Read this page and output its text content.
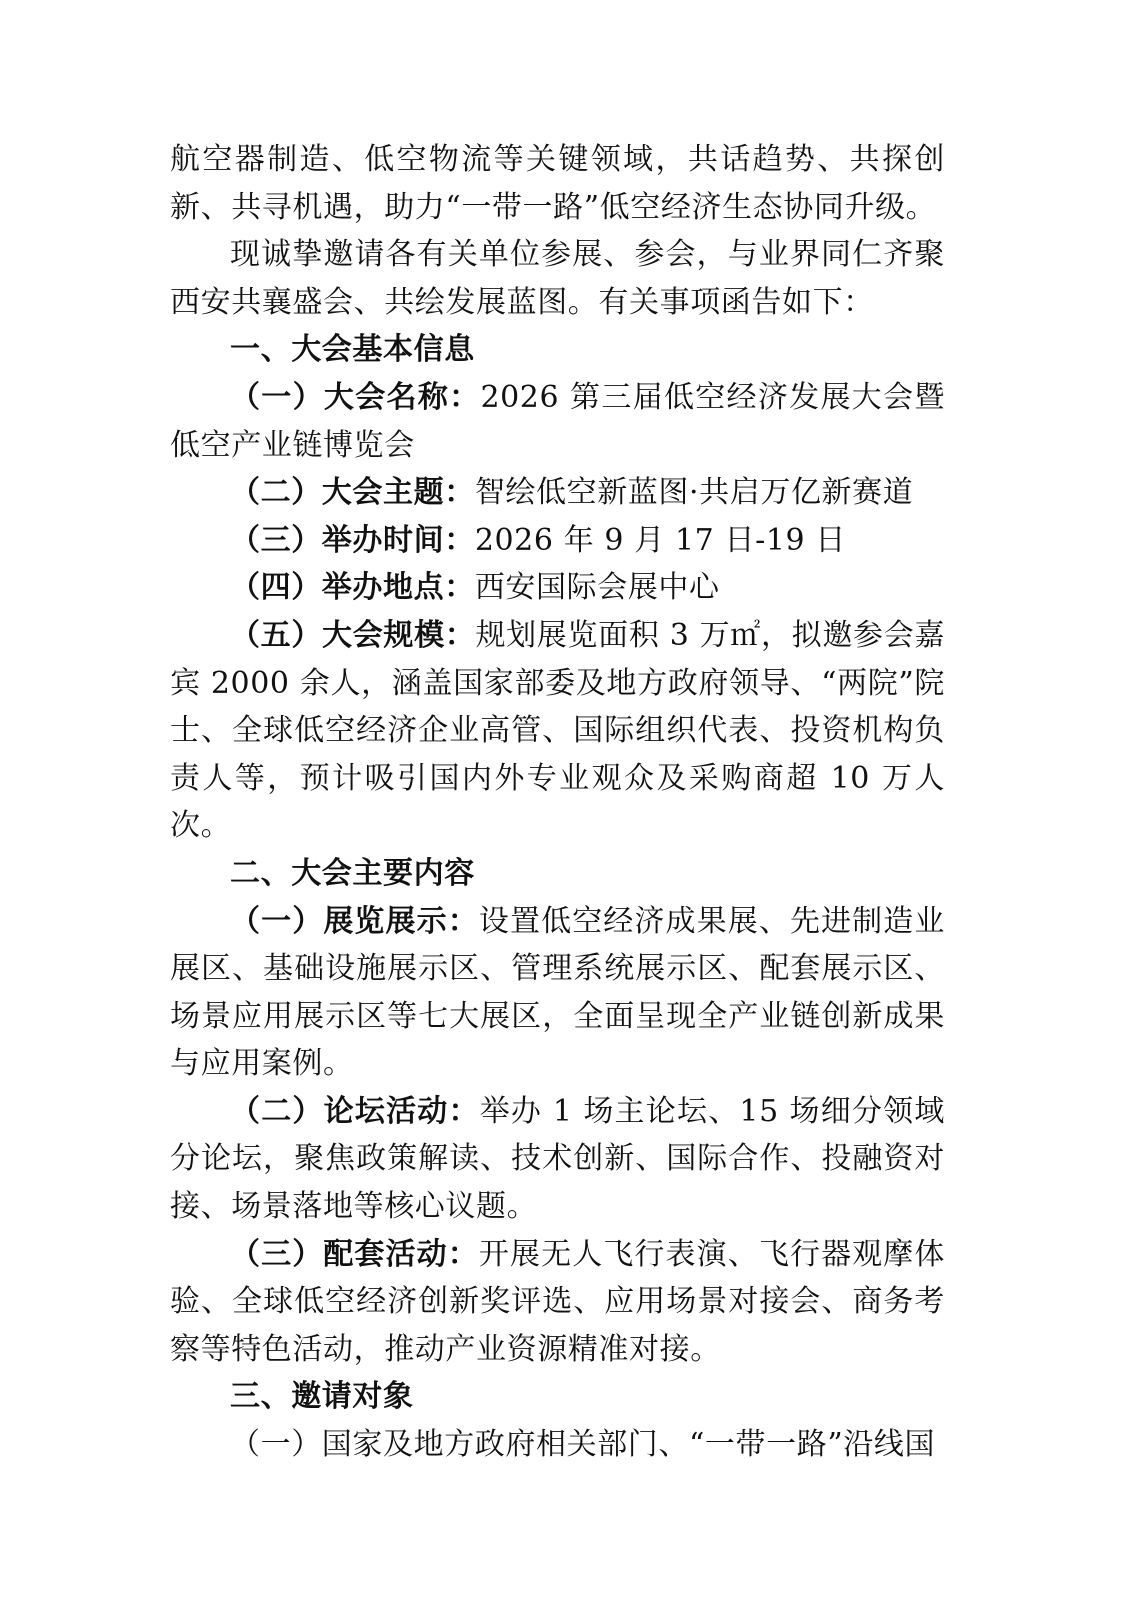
航空器制造、低空物流等关键领域，共话趋势、共探创新、共寻机遇，助力“一带一路”低空经济生态协同升级。

现诚挚邀请各有关单位参展、参会，与业界同仁齐聚西安共襄盛会、共绘发展蓝图。有关事项函告如下：

一、大会基本信息

（一）大会名称：2026 第三届低空经济发展大会暨低空产业链博览会

（二）大会主题：智绘低空新蓝图·共启万亿新赛道

（三）举办时间：2026 年 9 月 17 日-19 日

（四）举办地点：西安国际会展中心

（五）大会规模：规划展览面积 3 万㎡，拟邀参会嘉宾 2000 余人，涵盖国家部委及地方政府领导、“两院”院士、全球低空经济企业高管、国际组织代表、投资机构负责人等，预计吸引国内外专业观众及采购商超 10 万人次。

二、大会主要内容

（一）展览展示：设置低空经济成果展、先进制造业展区、基础设施展示区、管理系统展示区、配套展示区、场景应用展示区等七大展区，全面呈现全产业链创新成果与应用案例。

（二）论坛活动：举办 1 场主论坛、15 场细分领域分论坛，聚焦政策解读、技术创新、国际合作、投融资对接、场景落地等核心议题。

（三）配套活动：开展无人飞行表演、飞行器观摩体验、全球低空经济创新奖评选、应用场景对接会、商务考察等特色活动，推动产业资源精准对接。

三、邀请对象

（一）国家及地方政府相关部门、“一带一路”沿线国
